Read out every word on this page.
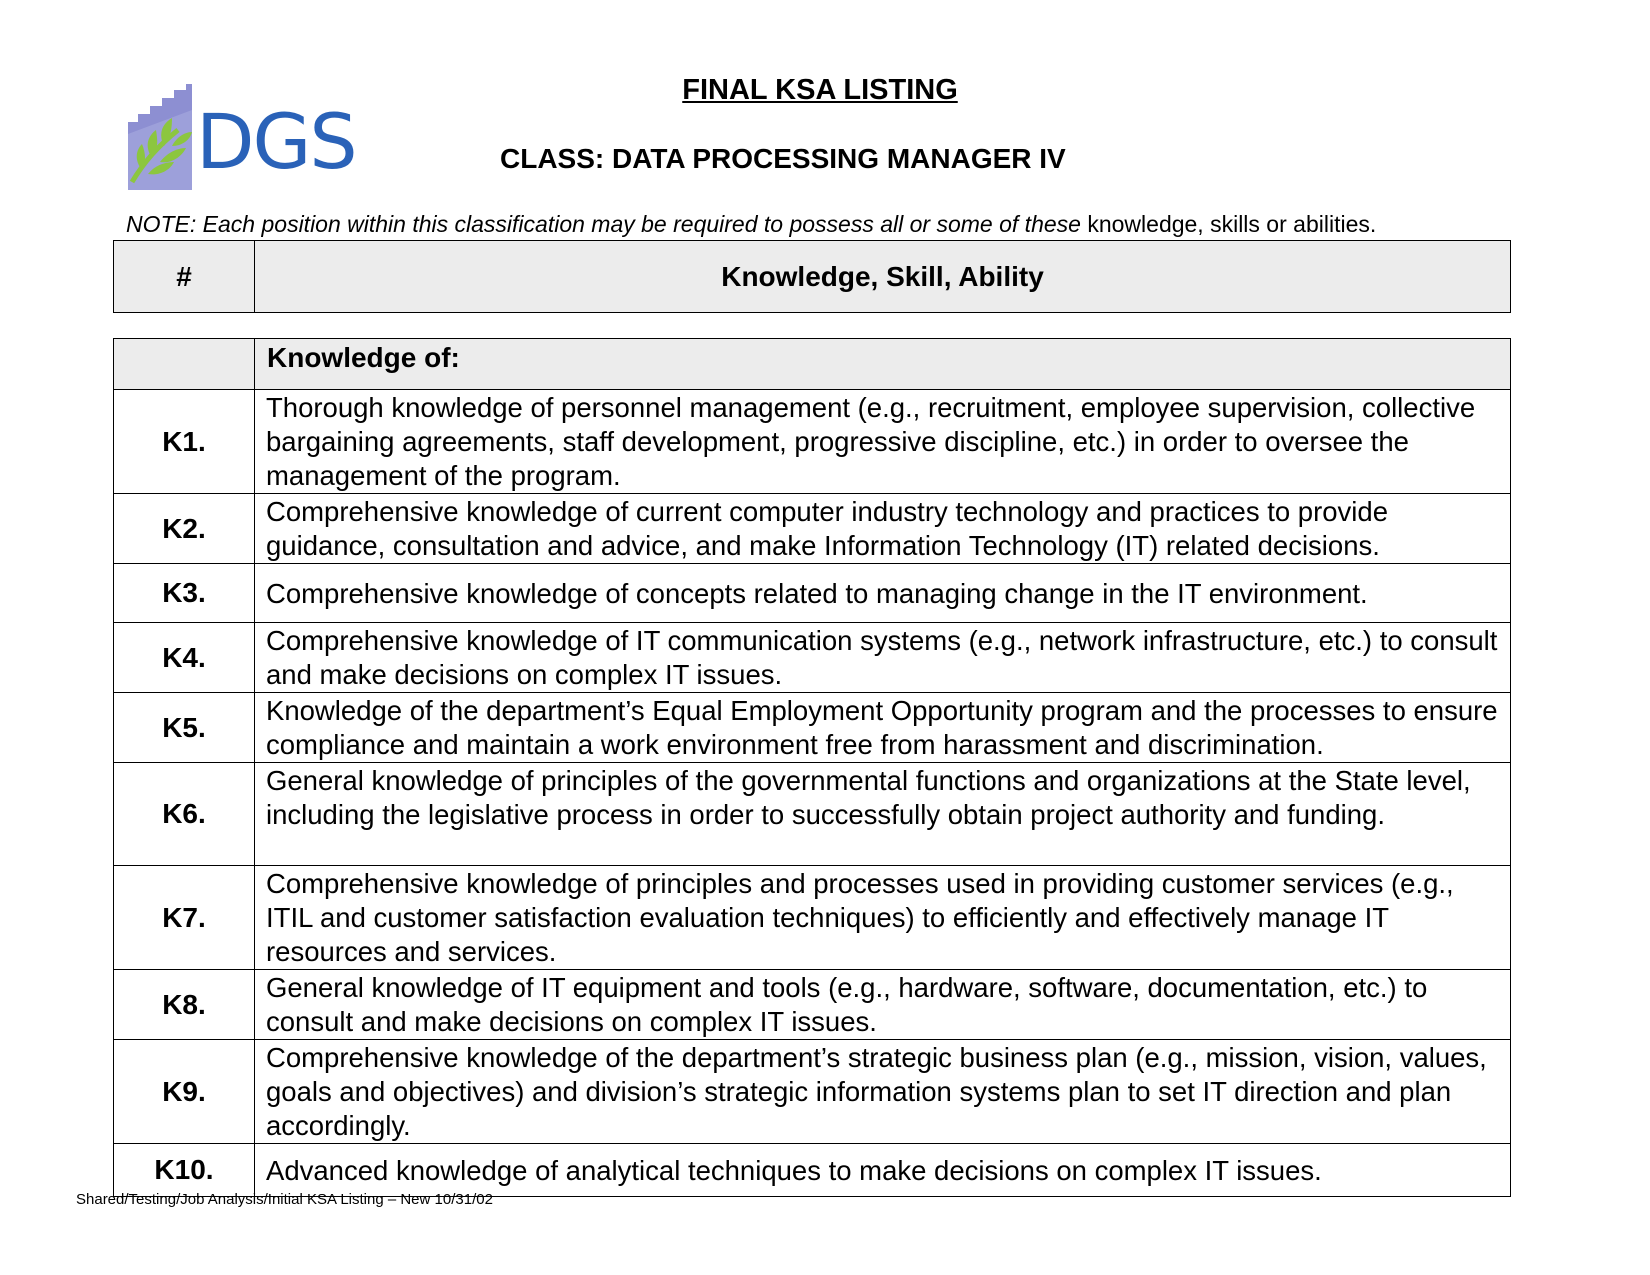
DGS
FINAL KSA LISTING
CLASS: DATA PROCESSING MANAGER IV
NOTE: Each position within this classification may be required to possess all or some of these knowledge, skills or abilities.
#	Knowledge, Skill, Ability

	Knowledge of:

K1.	Thorough knowledge of personnel management (e.g., recruitment, employee supervision, collective bargaining agreements, staff development, progressive discipline, etc.) in order to oversee the management of the program.
K2.	Comprehensive knowledge of current computer industry technology and practices to provide guidance, consultation and advice, and make Information Technology (IT) related decisions.
K3.	Comprehensive knowledge of concepts related to managing change in the IT environment.
K4.	Comprehensive knowledge of IT communication systems (e.g., network infrastructure, etc.) to consult and make decisions on complex IT issues.
K5.	Knowledge of the department’s Equal Employment Opportunity program and the processes to ensure compliance and maintain a work environment free from harassment and discrimination.
K6.	General knowledge of principles of the governmental functions and organizations at the State level, including the legislative process in order to successfully obtain project authority and funding.
K7.	Comprehensive knowledge of principles and processes used in providing customer services (e.g., ITIL and customer satisfaction evaluation techniques) to efficiently and effectively manage IT resources and services.
K8.	General knowledge of IT equipment and tools (e.g., hardware, software, documentation, etc.) to consult and make decisions on complex IT issues.
K9.	Comprehensive knowledge of the department’s strategic business plan (e.g., mission, vision, values, goals and objectives) and division’s strategic information systems plan to set IT direction and plan accordingly.
K10.	Advanced knowledge of analytical techniques to make decisions on complex IT issues.
Shared/Testing/Job Analysis/Initial KSA Listing – New 10/31/02
